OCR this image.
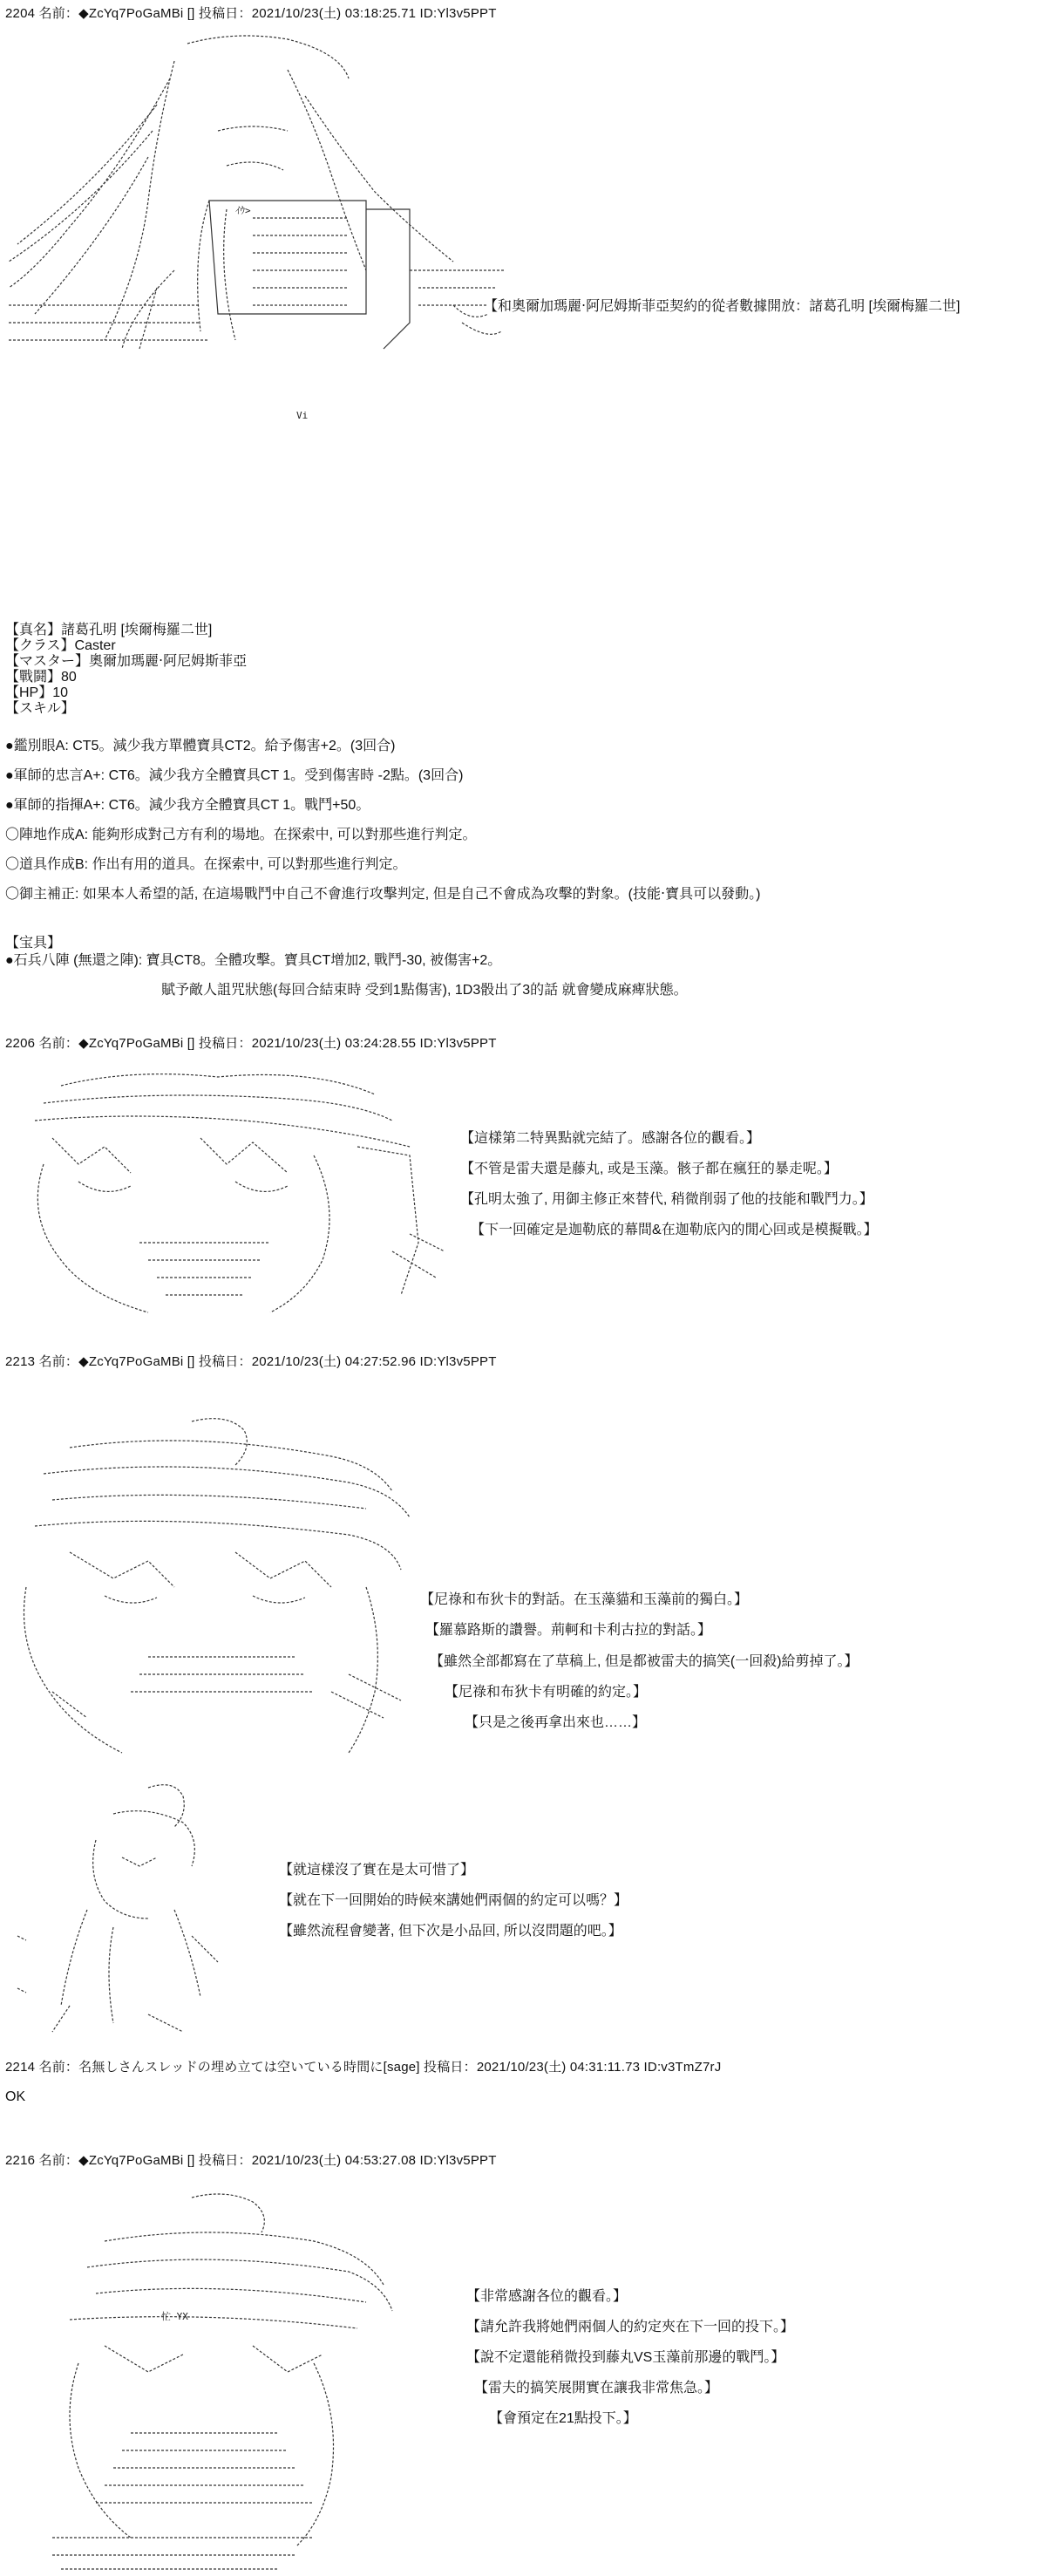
2204 名前：◆ZcYq7PoGaMBi [] 投稿日：2021/10/23(土) 03:18:25.71 ID:Yl3v5PPT
ｲｳ>
Vi
【和奧爾加瑪麗‧阿尼姆斯菲亞契約的從者數據開放：諸葛孔明 [埃爾梅羅二世]
【真名】諸葛孔明 [埃爾梅羅二世]
【クラス】Caster
【マスター】奧爾加瑪麗‧阿尼姆斯菲亞
【戰鬪】80
【HP】10
【スキル】
●鑑別眼A: CT5。減少我方單體寶具CT2。給予傷害+2。(3回合)
●軍師的忠言A+: CT6。減少我方全體寶具CT 1。受到傷害時 -2點。(3回合)
●軍師的指揮A+: CT6。減少我方全體寶具CT 1。戰鬥+50。
〇陣地作成A: 能夠形成對己方有利的場地。在探索中, 可以對那些進行判定。
〇道具作成B: 作出有用的道具。在探索中, 可以對那些進行判定。
〇御主補正: 如果本人希望的話, 在這場戰鬥中自己不會進行攻擊判定, 但是自己不會成為攻擊的對象。(技能‧寶具可以發動。)
【宝具】
●石兵八陣 (無還之陣): 寶具CT8。全體攻擊。寶具CT增加2, 戰鬥-30, 被傷害+2。
賦予敵人詛咒狀態(每回合結束時 受到1點傷害), 1D3骰出了3的話 就會變成麻痺狀態。
2206 名前：◆ZcYq7PoGaMBi [] 投稿日：2021/10/23(土) 03:24:28.55 ID:Yl3v5PPT
【這樣第二特異點就完結了。感謝各位的觀看。】
【不管是雷夫還是藤丸, 或是玉藻。骸子都在瘋狂的暴走呢。】
【孔明太強了, 用御主修正來替代, 稍微削弱了他的技能和戰鬥力。】
【下一回確定是迦勒底的幕間&在迦勒底內的閒心回或是模擬戰。】
2213 名前：◆ZcYq7PoGaMBi [] 投稿日：2021/10/23(土) 04:27:52.96 ID:Yl3v5PPT
【尼祿和布狄卡的對話。在玉藻貓和玉藻前的獨白。】
【羅慕路斯的讚譽。荊軻和卡利古拉的對話。】
【雖然全部都寫在了草稿上, 但是都被雷夫的搞笑(一回殺)給剪掉了。】
【尼祿和布狄卡有明確的約定。】
【只是之後再拿出來也……】
【就這樣沒了實在是太可惜了】
【就在下一回開始的時候來講她們兩個的約定可以嗎？】
【雖然流程會變著, 但下次是小品回, 所以沒問題的吧。】
2214 名前：名無しさんスレッドの埋め立ては空いている時間に[sage] 投稿日：2021/10/23(土) 04:31:11.73 ID:v3TmZ7rJ
OK
2216 名前：◆ZcYq7PoGaMBi [] 投稿日：2021/10/23(土) 04:53:27.08 ID:Yl3v5PPT
忙 YX
【非常感謝各位的觀看。】
【請允許我將她們兩個人的約定夾在下一回的投下。】
【說不定還能稍微投到藤丸VS玉藻前那邊的戰鬥。】
【雷夫的搞笑展開實在讓我非常焦急。】
【會預定在21點投下。】
